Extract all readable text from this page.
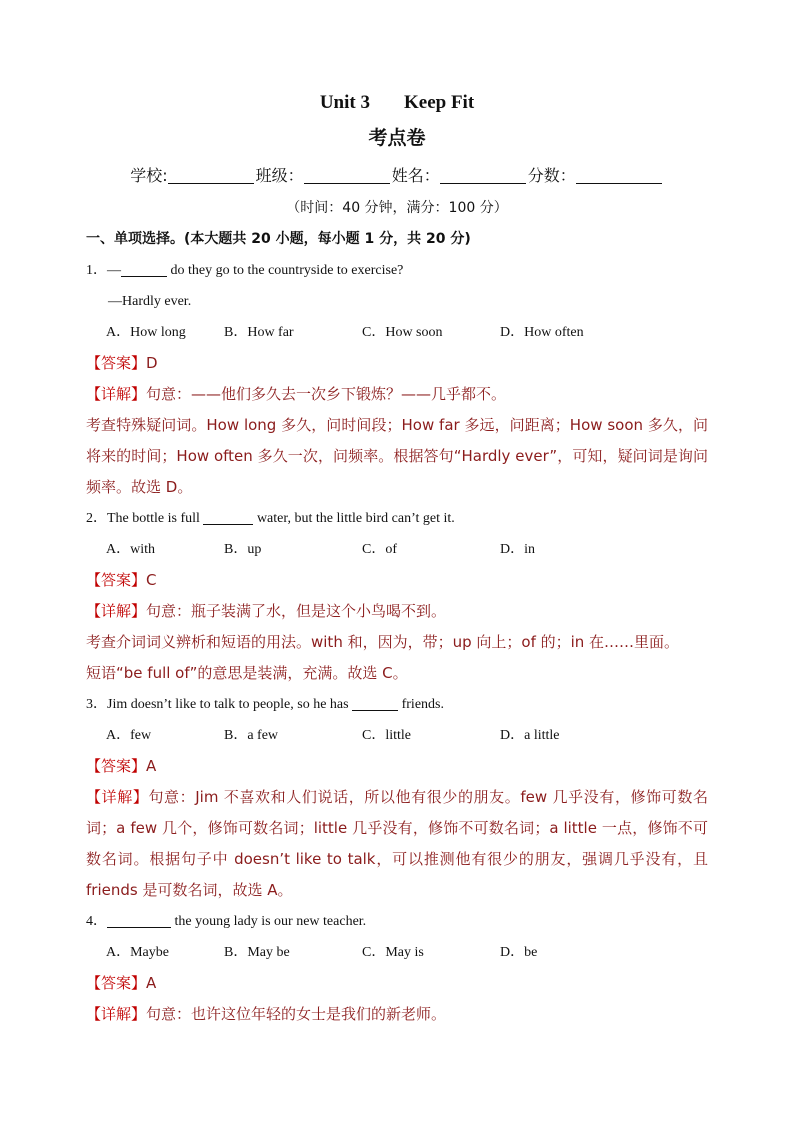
Unit 3 Keep Fit
考点卷
学校:	班级：	姓名：	分数：
（时间：40 分钟，满分：100 分）
一、单项选择。(本大题共 20 小题，每小题 1 分，共 20 分)
1．—	do they go to the countryside to exercise?
—Hardly ever.
A．How long	B．How far	C．How soon	D．How often
【答案】D
【详解】句意：——他们多久去一次乡下锻炼？——几乎都不。
考查特殊疑问词。How long 多久，问时间段；How far 多远，问距离；How soon 多久，问将来的时间；How often 多久一次，问频率。根据答句“Hardly ever”，可知，疑问词是询问频率。故选 D。
2．The bottle is full	water, but the little bird can’t get it.
A．with	B．up	C．of	D．in
【答案】C
【详解】句意：瓶子装满了水，但是这个小鸟喝不到。
考查介词词义辨析和短语的用法。with 和，因为，带；up 向上；of 的；in 在……里面。
短语“be full of”的意思是装满，充满。故选 C。
3．Jim doesn’t like to talk to people, so he has	friends.
A．few	B．a few	C．little	D．a little
【答案】A
【详解】句意：Jim 不喜欢和人们说话，所以他有很少的朋友。few 几乎没有，修饰可数名词；a few 几个，修饰可数名词；little 几乎没有，修饰不可数名词；a little 一点，修饰不可数名词。根据句子中 doesn’t like to talk，可以推测他有很少的朋友，强调几乎没有，且 friends 是可数名词，故选 A。
4．	the young lady is our new teacher.
A．Maybe	B．May be	C．May is	D．be
【答案】A
【详解】句意：也许这位年轻的女士是我们的新老师。
